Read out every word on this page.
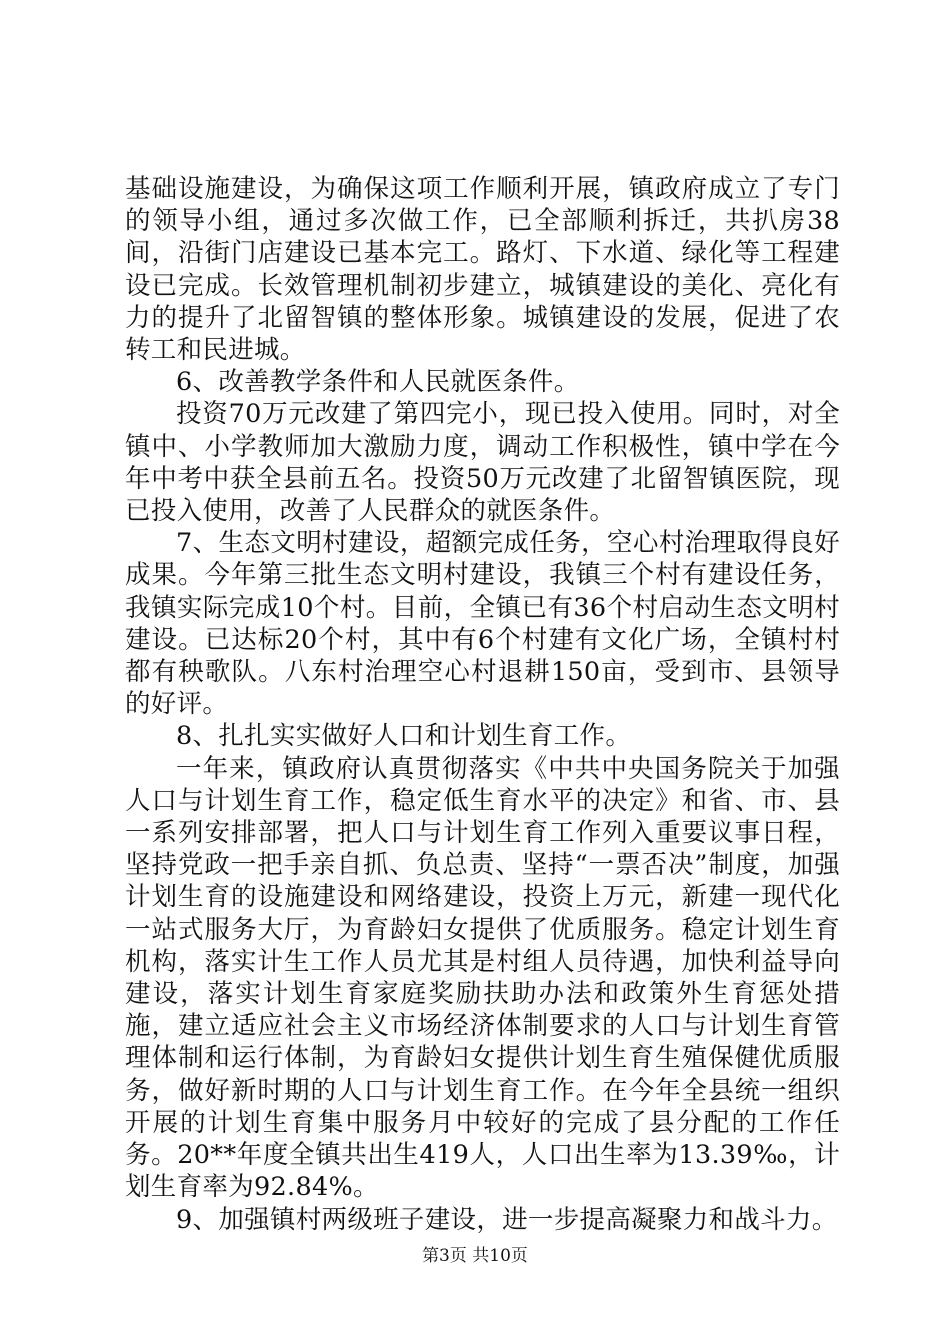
基础设施建设，为确保这项工作顺利开展，镇政府成立了专门的领导小组，通过多次做工作，已全部顺利拆迁，共扒房38间，沿街门店建设已基本完工。路灯、下水道、绿化等工程建设已完成。长效管理机制初步建立，城镇建设的美化、亮化有力的提升了北留智镇的整体形象。城镇建设的发展，促进了农转工和民进城。

6、改善教学条件和人民就医条件。

投资70万元改建了第四完小，现已投入使用。同时，对全镇中、小学教师加大激励力度，调动工作积极性，镇中学在今年中考中获全县前五名。投资50万元改建了北留智镇医院，现已投入使用，改善了人民群众的就医条件。

7、生态文明村建设，超额完成任务，空心村治理取得良好成果。今年第三批生态文明村建设，我镇三个村有建设任务，我镇实际完成10个村。目前，全镇已有36个村启动生态文明村建设。已达标20个村，其中有6个村建有文化广场，全镇村村都有秧歌队。八东村治理空心村退耕150亩，受到市、县领导的好评。

8、扎扎实实做好人口和计划生育工作。

一年来，镇政府认真贯彻落实《中共中央国务院关于加强人口与计划生育工作，稳定低生育水平的决定》和省、市、县一系列安排部署，把人口与计划生育工作列入重要议事日程，坚持党政一把手亲自抓、负总责、坚持“一票否决”制度，加强计划生育的设施建设和网络建设，投资上万元，新建一现代化一站式服务大厅，为育龄妇女提供了优质服务。稳定计划生育机构，落实计生工作人员尤其是村组人员待遇，加快利益导向建设，落实计划生育家庭奖励扶助办法和政策外生育惩处措施，建立适应社会主义市场经济体制要求的人口与计划生育管理体制和运行体制，为育龄妇女提供计划生育生殖保健优质服务，做好新时期的人口与计划生育工作。在今年全县统一组织开展的计划生育集中服务月中较好的完成了县分配的工作任务。20**年度全镇共出生419人，人口出生率为13.39‰，计划生育率为92.84%。

9、加强镇村两级班子建设，进一步提高凝聚力和战斗力。

第3页 共10页
